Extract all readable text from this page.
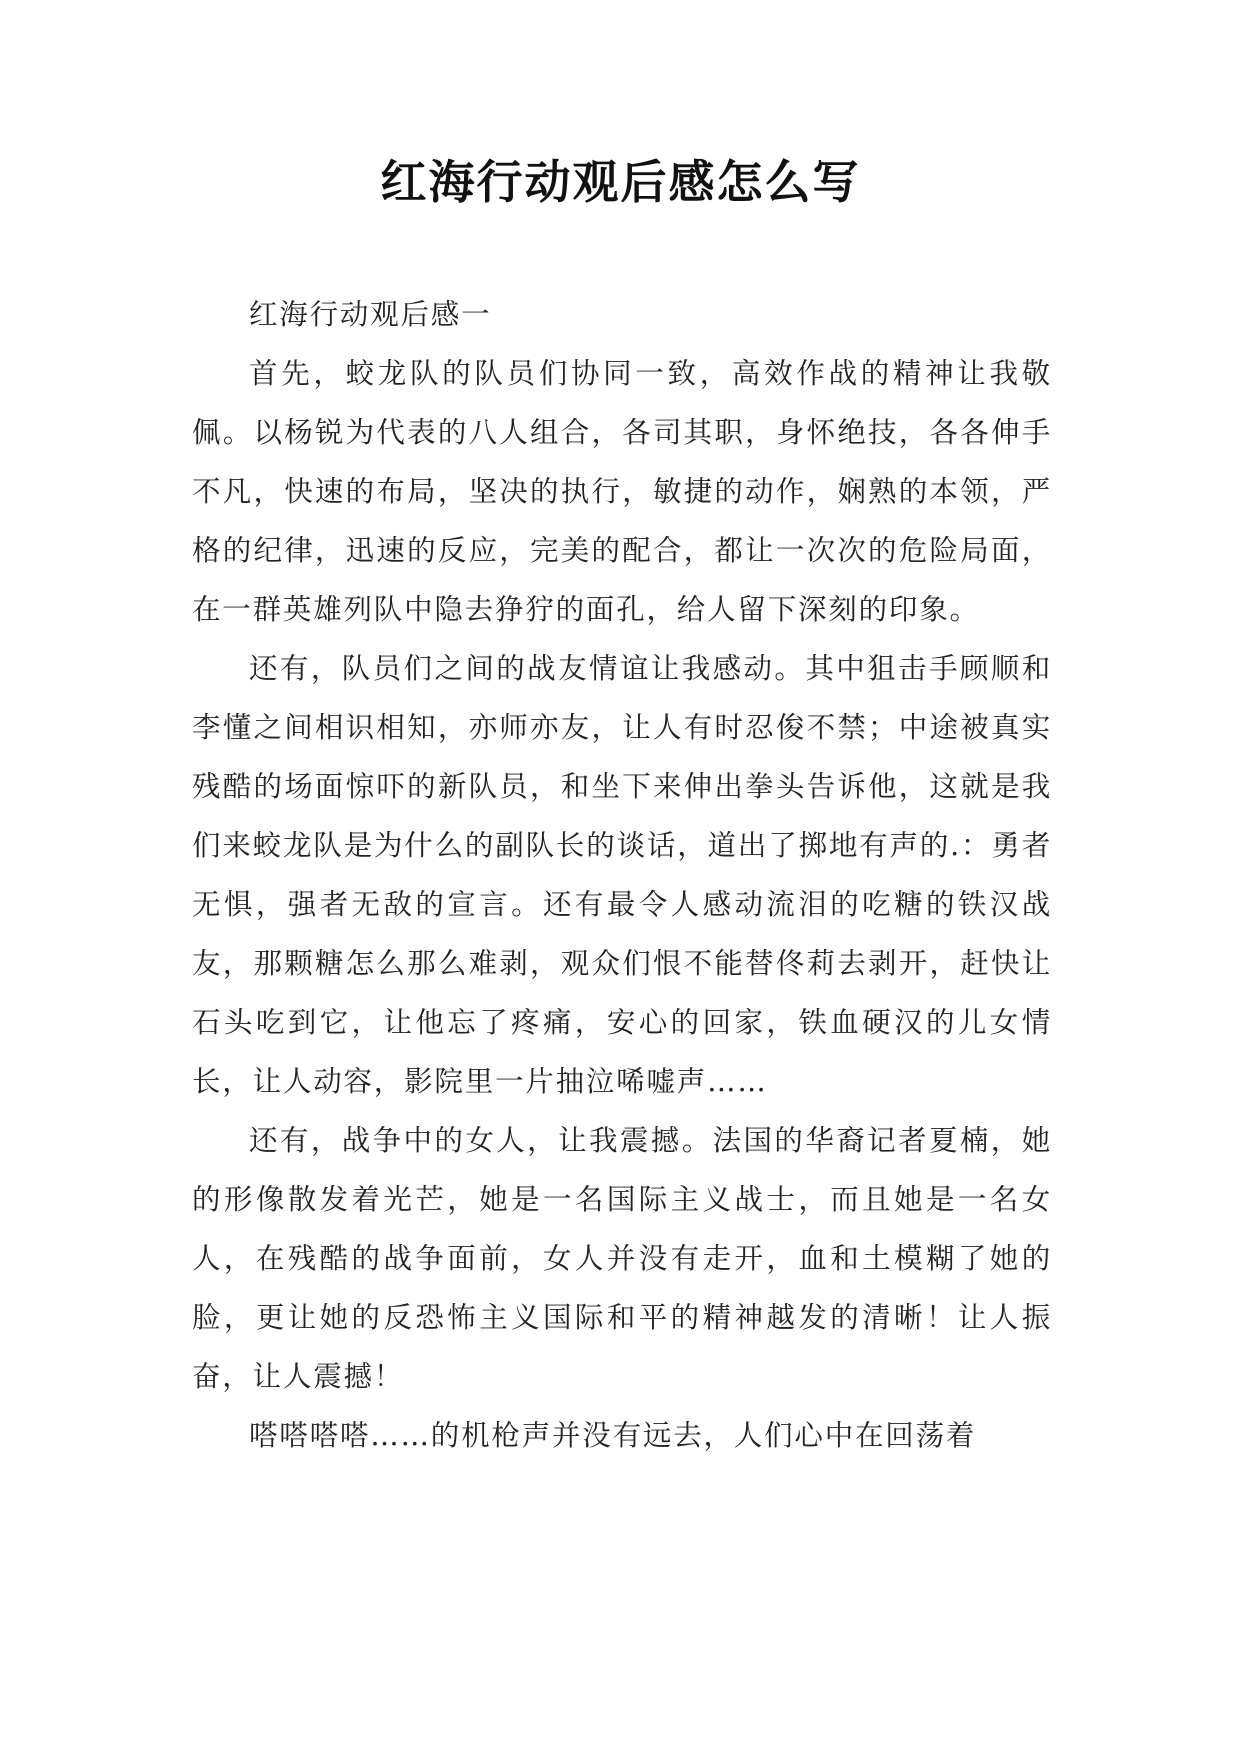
红海行动观后感怎么写

红海行动观后感一

首先，蛟龙队的队员们协同一致，高效作战的精神让我敬佩。以杨锐为代表的八人组合，各司其职，身怀绝技，各各伸手不凡，快速的布局，坚决的执行，敏捷的动作，娴熟的本领，严格的纪律，迅速的反应，完美的配合，都让一次次的危险局面，在一群英雄列队中隐去狰狞的面孔，给人留下深刻的印象。

还有，队员们之间的战友情谊让我感动。其中狙击手顾顺和李懂之间相识相知，亦师亦友，让人有时忍俊不禁；中途被真实残酷的场面惊吓的新队员，和坐下来伸出拳头告诉他，这就是我们来蛟龙队是为什么的副队长的谈话，道出了掷地有声的.：勇者无惧，强者无敌的宣言。还有最令人感动流泪的吃糖的铁汉战友，那颗糖怎么那么难剥，观众们恨不能替佟莉去剥开，赶快让石头吃到它，让他忘了疼痛，安心的回家，铁血硬汉的儿女情长，让人动容，影院里一片抽泣唏嘘声……

还有，战争中的女人，让我震撼。法国的华裔记者夏楠，她的形像散发着光芒，她是一名国际主义战士，而且她是一名女人，在残酷的战争面前，女人并没有走开，血和土模糊了她的脸，更让她的反恐怖主义国际和平的精神越发的清晰！让人振奋，让人震撼！

嗒嗒嗒嗒……的机枪声并没有远去，人们心中在回荡着
